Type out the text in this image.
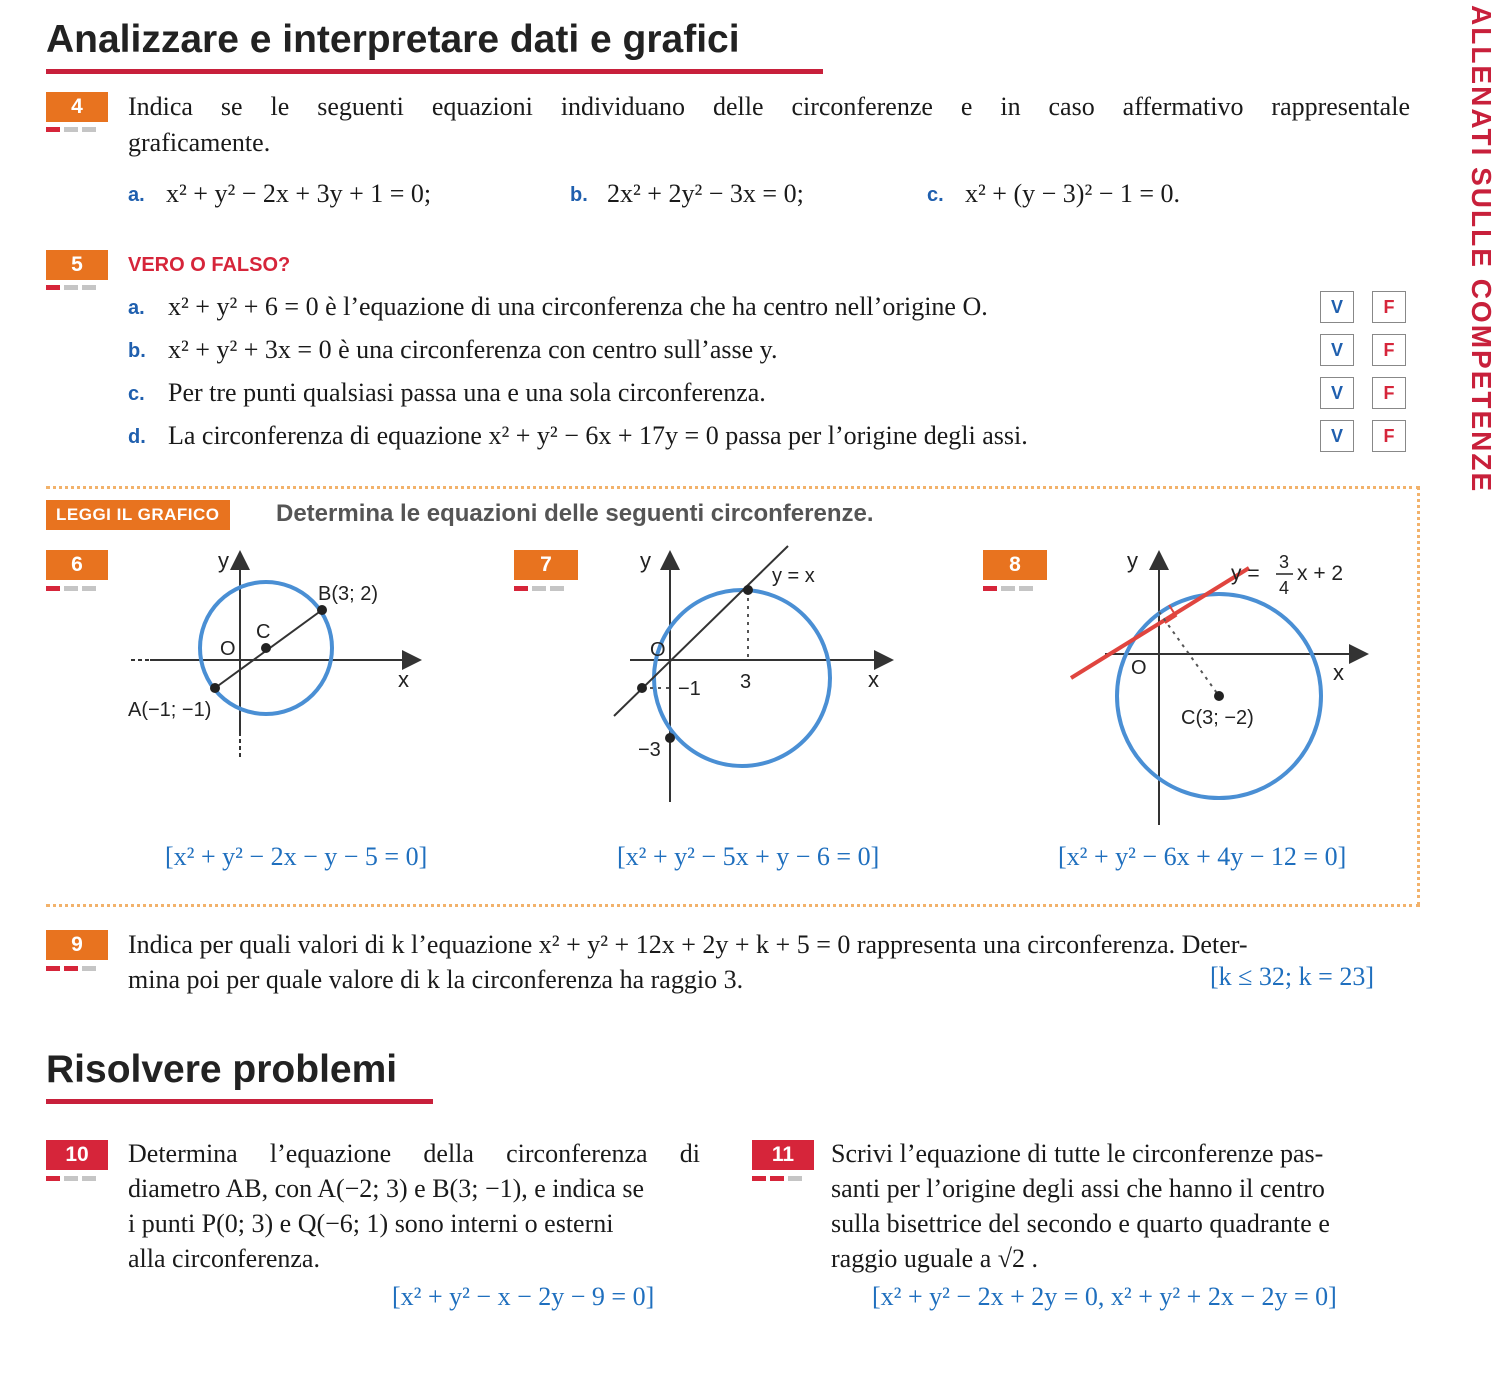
Analizzare e interpretare dati e grafici	ALLENATI SULLE COMPETENZE
4	Indica se le seguenti equazioni individuano delle circonferenze e in caso affermativo rappresentale
graficamente.
a. x² + y² − 2x + 3y + 1 = 0;	b. 2x² + 2y² − 3x = 0;	c. x² + (y − 3)² − 1 = 0.
5	VERO O FALSO?
a. x² + y² + 6 = 0 è l’equazione di una circonferenza che ha centro nell’origine O.	V	F
b. x² + y² + 3x = 0 è una circonferenza con centro sull’asse y.	V	F
c. Per tre punti qualsiasi passa una e una sola circonferenza.	V	F
d. La circonferenza di equazione x² + y² − 6x + 17y = 0 passa per l’origine degli assi.	V	F
LEGGI IL GRAFICO	Determina le equazioni delle seguenti circonferenze.
6	y
x
O
C
B(3; 2)
A(−1; −1)
[x² + y² − 2x − y − 5 = 0]
7	y
x
y = x
O
−1 3
−3
[x² + y² − 5x + y − 6 = 0]
8	y
x
O
C(3; −2)
y = 3
4
x + 2
[x² + y² − 6x + 4y − 12 = 0]
9	Indica per quali valori di k l’equazione x² + y² + 12x + 2y + k + 5 = 0 rappresenta una circonferenza. Deter-
mina poi per quale valore di k la circonferenza ha raggio 3.	[k ≤ 32; k = 23]
Risolvere problemi
10	Determina l’equazione della circonferenza di
diametro AB, con A(−2; 3) e B(3; −1), e indica se
i punti P(0; 3) e Q(−6; 1) sono interni o esterni
alla circonferenza.
[x² + y² − x − 2y − 9 = 0]
11	Scrivi l’equazione di tutte le circonferenze pas-
santi per l’origine degli assi che hanno il centro
sulla bisettrice del secondo e quarto quadrante e
raggio uguale a √2 .
[x² + y² − 2x + 2y = 0, x² + y² + 2x − 2y = 0]
